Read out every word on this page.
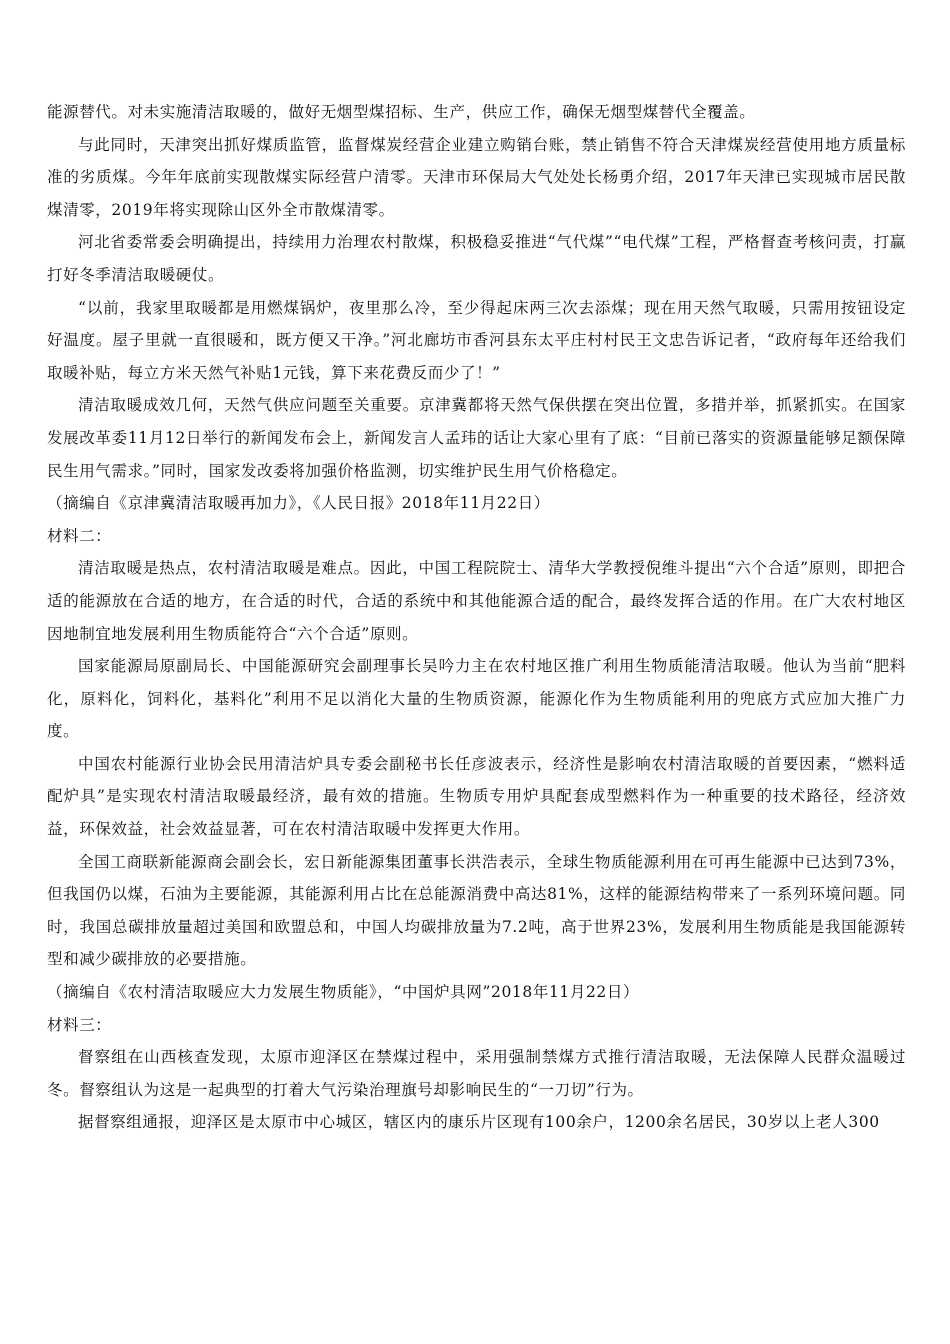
能源替代。对未实施清洁取暖的，做好无烟型煤招标、生产，供应工作，确保无烟型煤替代全覆盖。

与此同时，天津突出抓好煤质监管，监督煤炭经营企业建立购销台账，禁止销售不符合天津煤炭经营使用地方质量标准的劣质煤。今年年底前实现散煤实际经营户清零。天津市环保局大气处处长杨勇介绍，2017年天津已实现城市居民散煤清零，2019年将实现除山区外全市散煤清零。

河北省委常委会明确提出，持续用力治理农村散煤，积极稳妥推进“气代煤”“电代煤”工程，严格督查考核问责，打赢打好冬季清洁取暖硬仗。

“以前，我家里取暖都是用燃煤锅炉，夜里那么冷，至少得起床两三次去添煤；现在用天然气取暖，只需用按钮设定好温度。屋子里就一直很暖和，既方便又干净。”河北廊坊市香河县东太平庄村村民王文忠告诉记者，“政府每年还给我们取暖补贴，每立方米天然气补贴1元钱，算下来花费反而少了！”

清洁取暖成效几何，天然气供应问题至关重要。京津冀都将天然气保供摆在突出位置，多措并举，抓紧抓实。在国家发展改革委11月12日举行的新闻发布会上，新闻发言人孟玮的话让大家心里有了底：“目前已落实的资源量能够足额保障民生用气需求。”同时，国家发改委将加强价格监测，切实维护民生用气价格稳定。

（摘编自《京津冀清洁取暖再加力》，《人民日报》2018年11月22日）

材料二：

清洁取暖是热点，农村清洁取暖是难点。因此，中国工程院院士、清华大学教授倪维斗提出“六个合适”原则，即把合适的能源放在合适的地方，在合适的时代，合适的系统中和其他能源合适的配合，最终发挥合适的作用。在广大农村地区因地制宜地发展利用生物质能符合“六个合适”原则。

国家能源局原副局长、中国能源研究会副理事长吴吟力主在农村地区推广利用生物质能清洁取暖。他认为当前“肥料化，原料化，饲料化，基料化”利用不足以消化大量的生物质资源，能源化作为生物质能利用的兜底方式应加大推广力度。

中国农村能源行业协会民用清洁炉具专委会副秘书长任彦波表示，经济性是影响农村清洁取暖的首要因素，“燃料适配炉具”是实现农村清洁取暖最经济，最有效的措施。生物质专用炉具配套成型燃料作为一种重要的技术路径，经济效益，环保效益，社会效益显著，可在农村清洁取暖中发挥更大作用。

全国工商联新能源商会副会长，宏日新能源集团董事长洪浩表示，全球生物质能源利用在可再生能源中已达到73%，但我国仍以煤，石油为主要能源，其能源利用占比在总能源消费中高达81%，这样的能源结构带来了一系列环境问题。同时，我国总碳排放量超过美国和欧盟总和，中国人均碳排放量为7.2吨，高于世界23%，发展利用生物质能是我国能源转型和减少碳排放的必要措施。

（摘编自《农村清洁取暖应大力发展生物质能》，“中国炉具网”2018年11月22日）

材料三：

督察组在山西核查发现，太原市迎泽区在禁煤过程中，采用强制禁煤方式推行清洁取暖，无法保障人民群众温暖过冬。督察组认为这是一起典型的打着大气污染治理旗号却影响民生的“一刀切”行为。

据督察组通报，迎泽区是太原市中心城区，辖区内的康乐片区现有100余户，1200余名居民，30岁以上老人300
